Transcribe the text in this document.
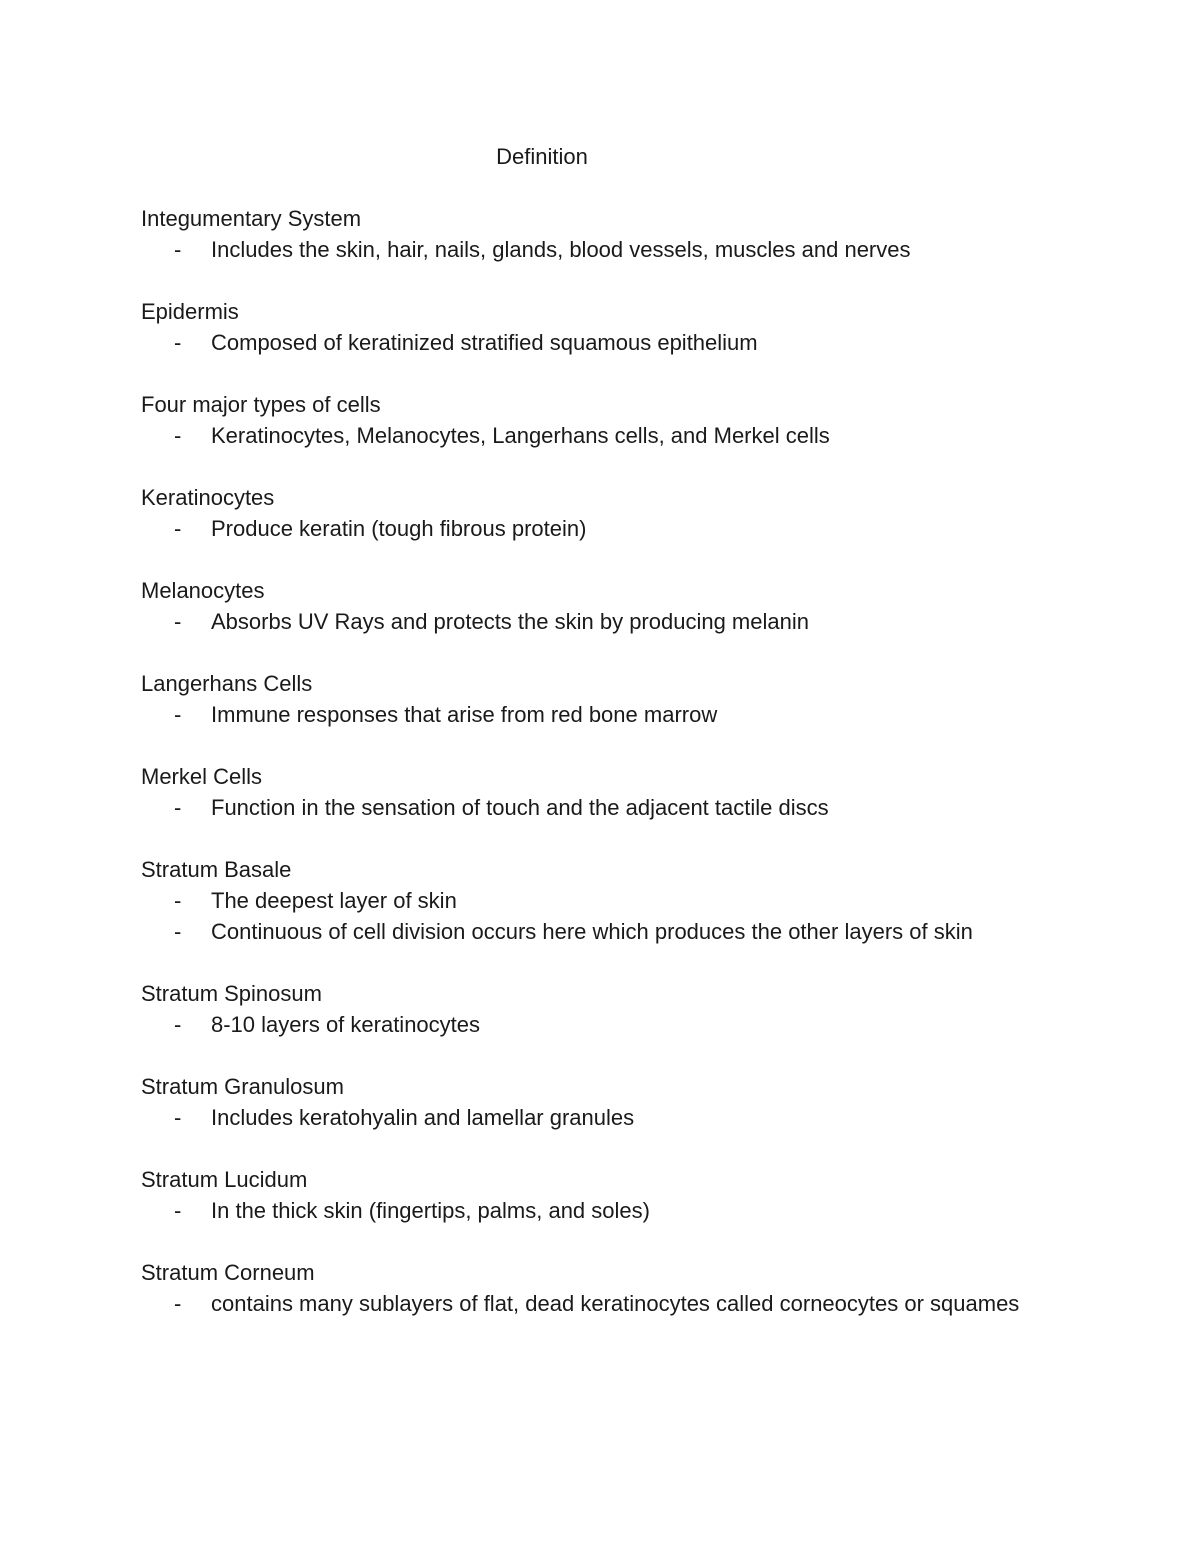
Definition
Integumentary System
- Includes the skin, hair, nails, glands, blood vessels, muscles and nerves
Epidermis
- Composed of keratinized stratified squamous epithelium
Four major types of cells
- Keratinocytes, Melanocytes, Langerhans cells, and Merkel cells
Keratinocytes
- Produce keratin (tough fibrous protein)
Melanocytes
- Absorbs UV Rays and protects the skin by producing melanin
Langerhans Cells
- Immune responses that arise from red bone marrow
Merkel Cells
- Function in the sensation of touch and the adjacent tactile discs
Stratum Basale
- The deepest layer of skin
- Continuous of cell division occurs here which produces the other layers of skin
Stratum Spinosum
- 8-10 layers of keratinocytes
Stratum Granulosum
- Includes keratohyalin and lamellar granules
Stratum Lucidum
- In the thick skin (fingertips, palms, and soles)
Stratum Corneum
- contains many sublayers of flat, dead keratinocytes called corneocytes or squames
